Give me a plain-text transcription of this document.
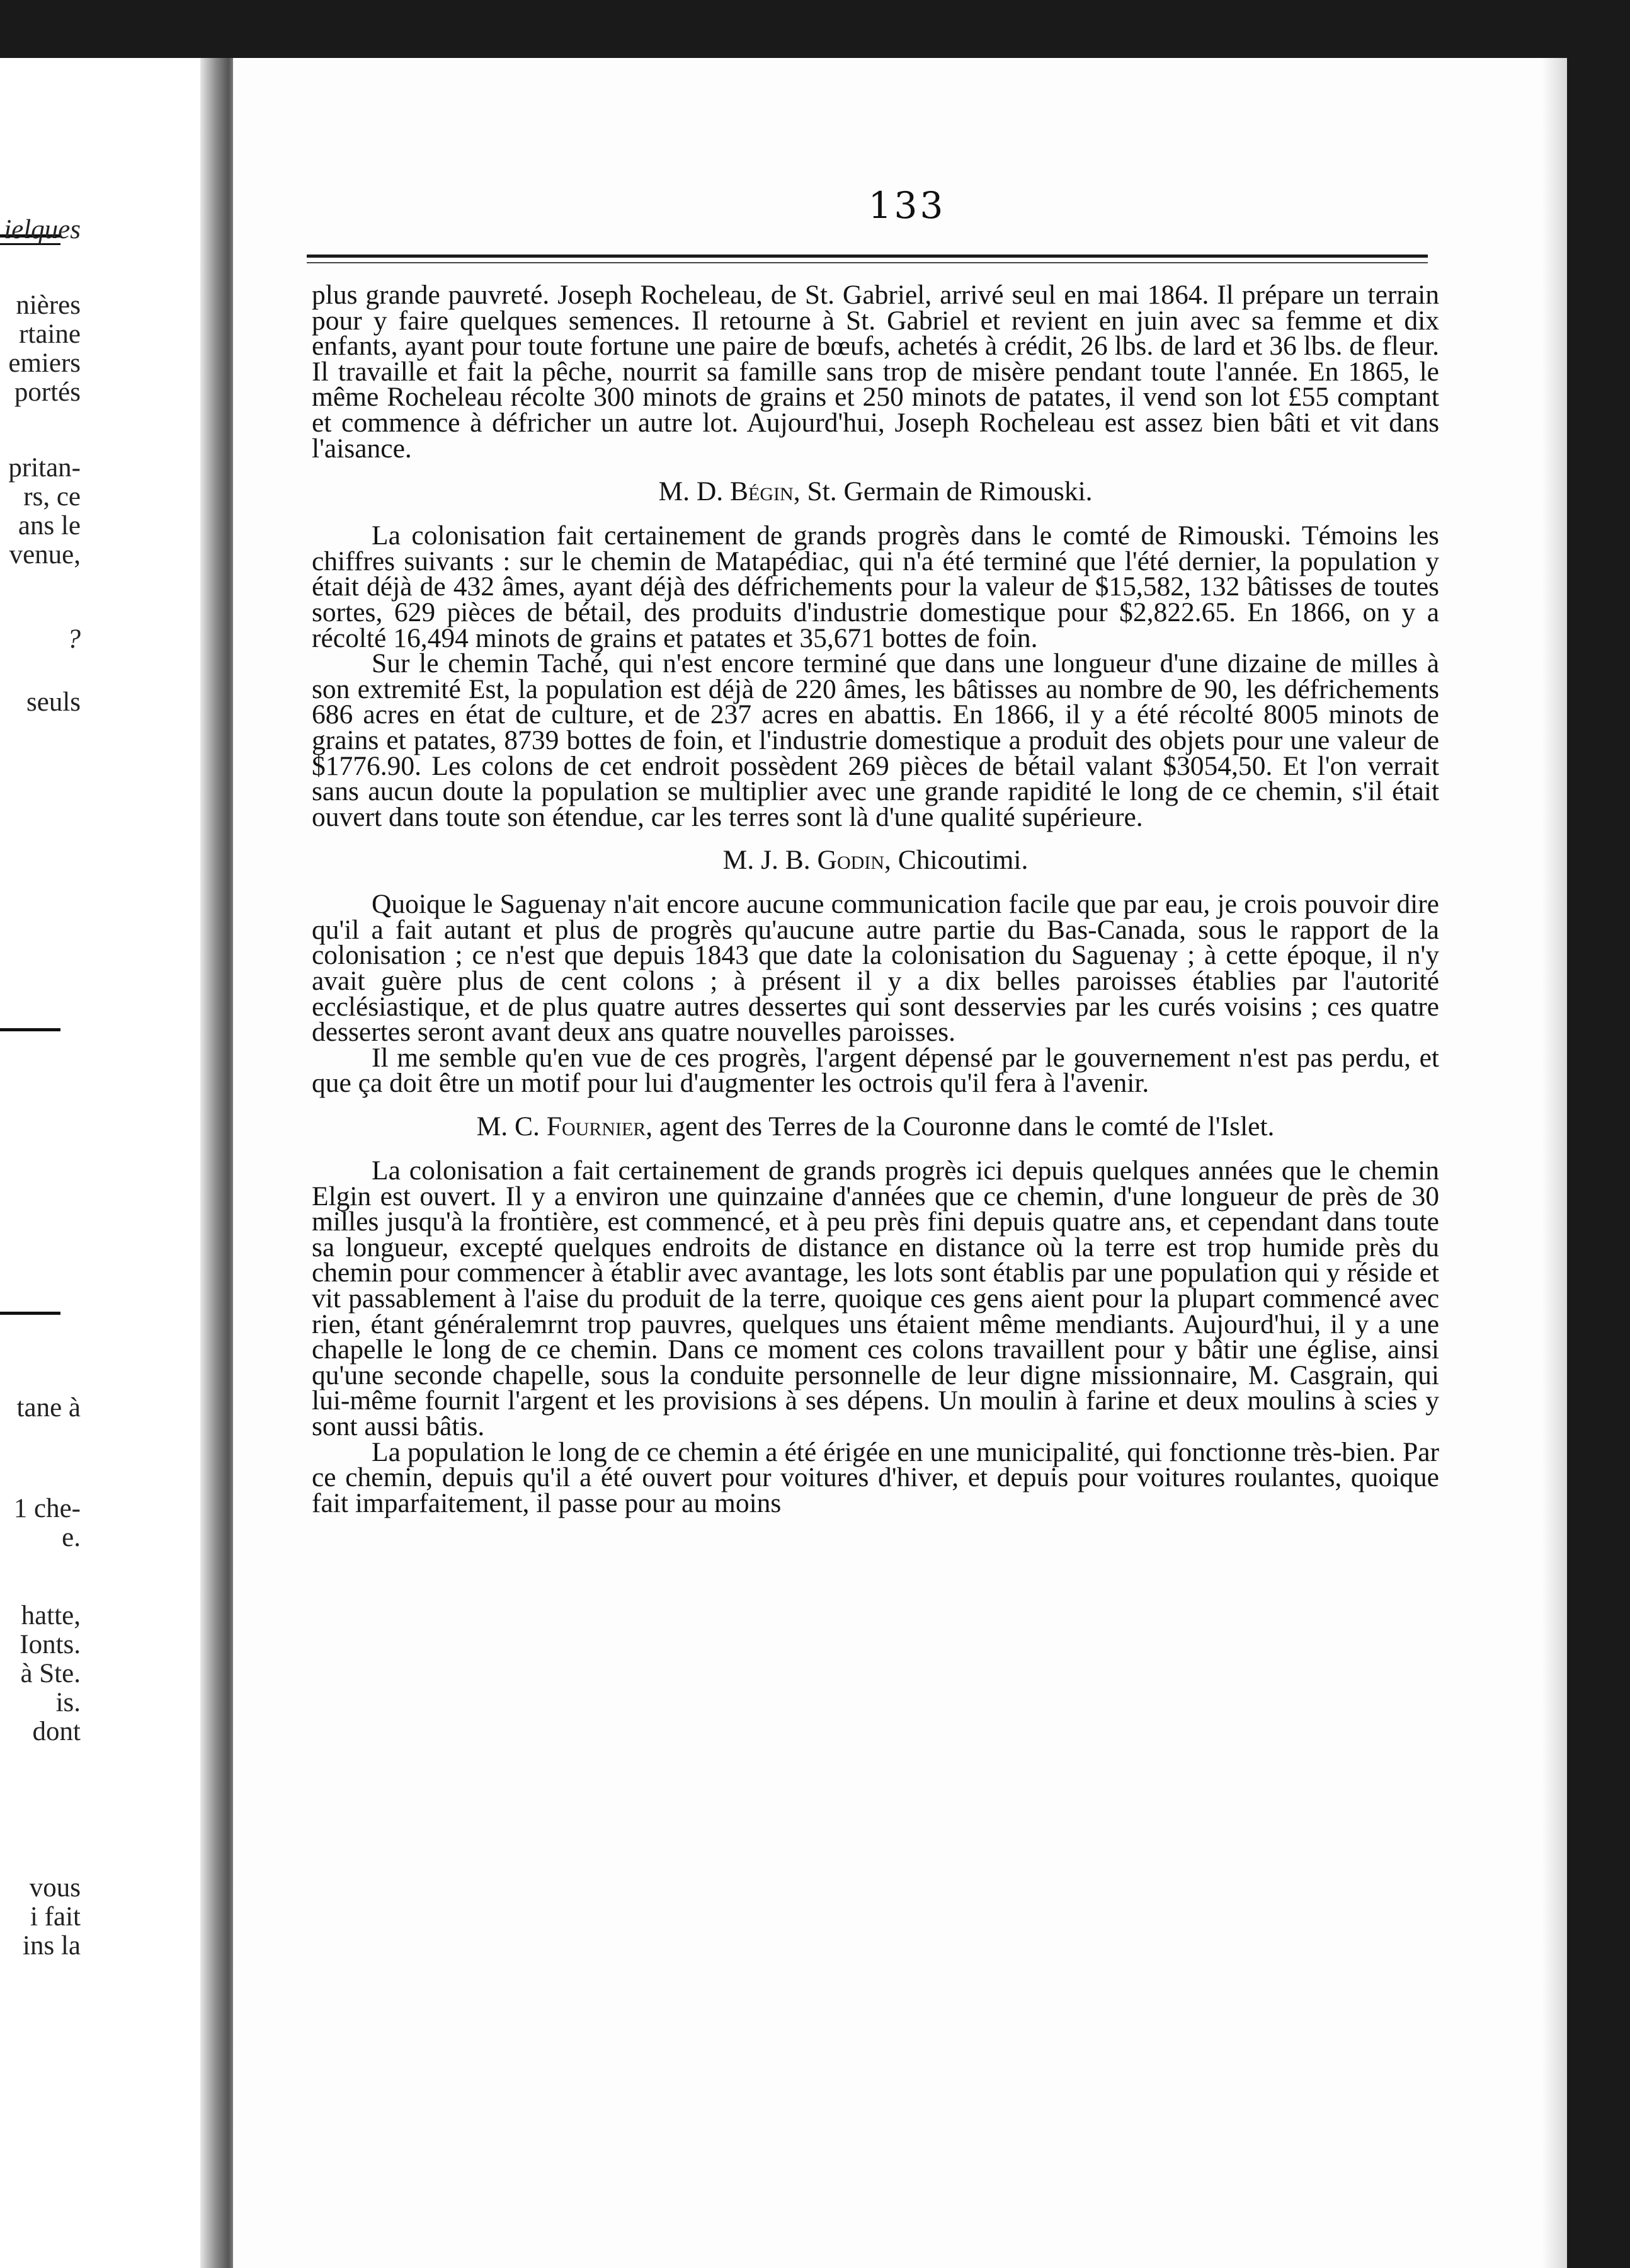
ielques
nières
rtaine
emiers
portés
pritan-
rs, ce
ans le
venue,
?
seuls
tane à
1 che-
e.
hatte,
Ionts.
à Ste.
is.
dont
vous
i fait
ins la
133

plus grande pauvreté. Joseph Rocheleau, de St. Gabriel, arrivé seul en mai 1864. Il prépare un terrain pour y faire quelques semences. Il retourne à St. Gabriel et revient en juin avec sa femme et dix enfants, ayant pour toute fortune une paire de bœufs, achetés à crédit, 26 lbs. de lard et 36 lbs. de fleur. Il travaille et fait la pêche, nourrit sa famille sans trop de misère pendant toute l'année. En 1865, le même Rocheleau récolte 300 minots de grains et 250 minots de patates, il vend son lot £55 comptant et commence à défricher un autre lot. Aujourd'hui, Joseph Rocheleau est assez bien bâti et vit dans l'aisance.

M. D. Bégin, St. Germain de Rimouski.

La colonisation fait certainement de grands progrès dans le comté de Rimouski. Témoins les chiffres suivants : sur le chemin de Matapédiac, qui n'a été terminé que l'été dernier, la population y était déjà de 432 âmes, ayant déjà des défrichements pour la valeur de $15,582, 132 bâtisses de toutes sortes, 629 pièces de bétail, des produits d'industrie domestique pour $2,822.65. En 1866, on y a récolté 16,494 minots de grains et patates et 35,671 bottes de foin.

Sur le chemin Taché, qui n'est encore terminé que dans une longueur d'une dizaine de milles à son extremité Est, la population est déjà de 220 âmes, les bâtisses au nombre de 90, les défrichements 686 acres en état de culture, et de 237 acres en abattis. En 1866, il y a été récolté 8005 minots de grains et patates, 8739 bottes de foin, et l'industrie domestique a produit des objets pour une valeur de $1776.90. Les colons de cet endroit possèdent 269 pièces de bétail valant $3054,50. Et l'on verrait sans aucun doute la population se multiplier avec une grande rapidité le long de ce chemin, s'il était ouvert dans toute son étendue, car les terres sont là d'une qualité supérieure.

M. J. B. Godin, Chicoutimi.

Quoique le Saguenay n'ait encore aucune communication facile que par eau, je crois pouvoir dire qu'il a fait autant et plus de progrès qu'aucune autre partie du Bas-Canada, sous le rapport de la colonisation ; ce n'est que depuis 1843 que date la colonisation du Saguenay ; à cette époque, il n'y avait guère plus de cent colons ; à présent il y a dix belles paroisses établies par l'autorité ecclésiastique, et de plus quatre autres dessertes qui sont desservies par les curés voisins ; ces quatre dessertes seront avant deux ans quatre nouvelles paroisses.

Il me semble qu'en vue de ces progrès, l'argent dépensé par le gouvernement n'est pas perdu, et que ça doit être un motif pour lui d'augmenter les octrois qu'il fera à l'avenir.

M. C. Fournier, agent des Terres de la Couronne dans le comté de l'Islet.

La colonisation a fait certainement de grands progrès ici depuis quelques années que le chemin Elgin est ouvert. Il y a environ une quinzaine d'années que ce chemin, d'une longueur de près de 30 milles jusqu'à la frontière, est commencé, et à peu près fini depuis quatre ans, et cependant dans toute sa longueur, excepté quelques endroits de distance en distance où la terre est trop humide près du chemin pour commencer à établir avec avantage, les lots sont établis par une population qui y réside et vit passablement à l'aise du produit de la terre, quoique ces gens aient pour la plupart commencé avec rien, étant généralemrnt trop pauvres, quelques uns étaient même mendiants. Aujourd'hui, il y a une chapelle le long de ce chemin. Dans ce moment ces colons travaillent pour y bâtir une église, ainsi qu'une seconde chapelle, sous la conduite personnelle de leur digne missionnaire, M. Casgrain, qui lui-même fournit l'argent et les provisions à ses dépens. Un moulin à farine et deux moulins à scies y sont aussi bâtis.

La population le long de ce chemin a été érigée en une municipalité, qui fonctionne très-bien. Par ce chemin, depuis qu'il a été ouvert pour voitures d'hiver, et depuis pour voitures roulantes, quoique fait imparfaitement, il passe pour au moins
